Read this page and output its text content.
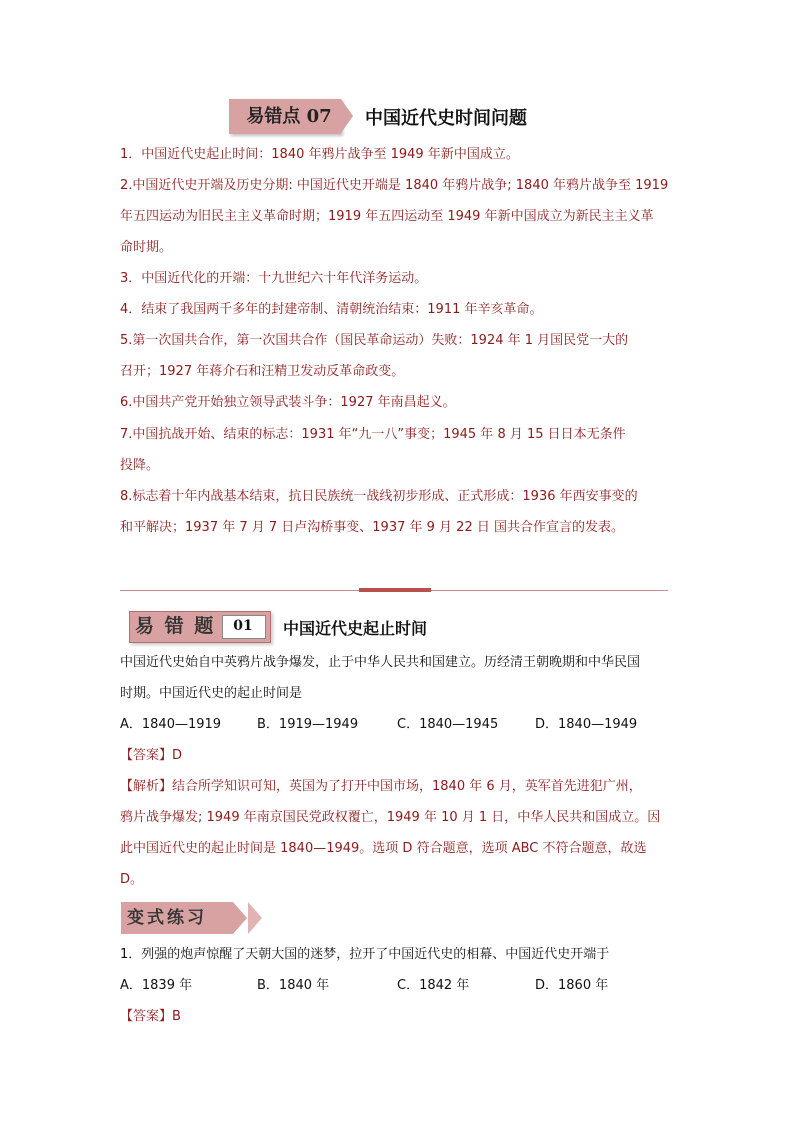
易错点 07	中国近代史时间问题
1．中国近代史起止时间：1840 年鸦片战争至 1949 年新中国成立。
2.中国近代史开端及历史分期: 中国近代史开端是 1840 年鸦片战争; 1840 年鸦片战争至 1919
年五四运动为旧民主主义革命时期；1919 年五四运动至 1949 年新中国成立为新民主主义革
命时期。
3．中国近代化的开端：十九世纪六十年代洋务运动。
4．结束了我国两千多年的封建帝制、清朝统治结束：1911 年辛亥革命。
5.第一次国共合作，第一次国共合作（国民革命运动）失败：1924 年 1 月国民党一大的
召开；1927 年蒋介石和汪精卫发动反革命政变。
6.中国共产党开始独立领导武装斗争：1927 年南昌起义。
7.中国抗战开始、结束的标志：1931 年“九一八”事变；1945 年 8 月 15 日日本无条件
投降。
8.标志着十年内战基本结束，抗日民族统一战线初步形成、正式形成：1936 年西安事变的
和平解决；1937 年 7 月 7 日卢沟桥事变、1937 年 9 月 22 日 国共合作宣言的发表。
易 错 题	01	中国近代史起止时间
中国近代史始自中英鸦片战争爆发，止于中华人民共和国建立。历经清王朝晚期和中华民国
时期。中国近代史的起止时间是
A．1840—1919	B．1919—1949	C．1840—1945	D．1840—1949
【答案】D
【解析】结合所学知识可知，英国为了打开中国市场，1840 年 6 月，英军首先进犯广州，
鸦片战争爆发; 1949 年南京国民党政权覆亡，1949 年 10 月 1 日，中华人民共和国成立。因
此中国近代史的起止时间是 1840—1949。选项 D 符合题意，选项 ABC 不符合题意，故选
D。
变式练习
1．列强的炮声惊醒了天朝大国的迷梦，拉开了中国近代史的相幕、中国近代史开端于
A．1839 年	B．1840 年	C．1842 年	D．1860 年
【答案】B
